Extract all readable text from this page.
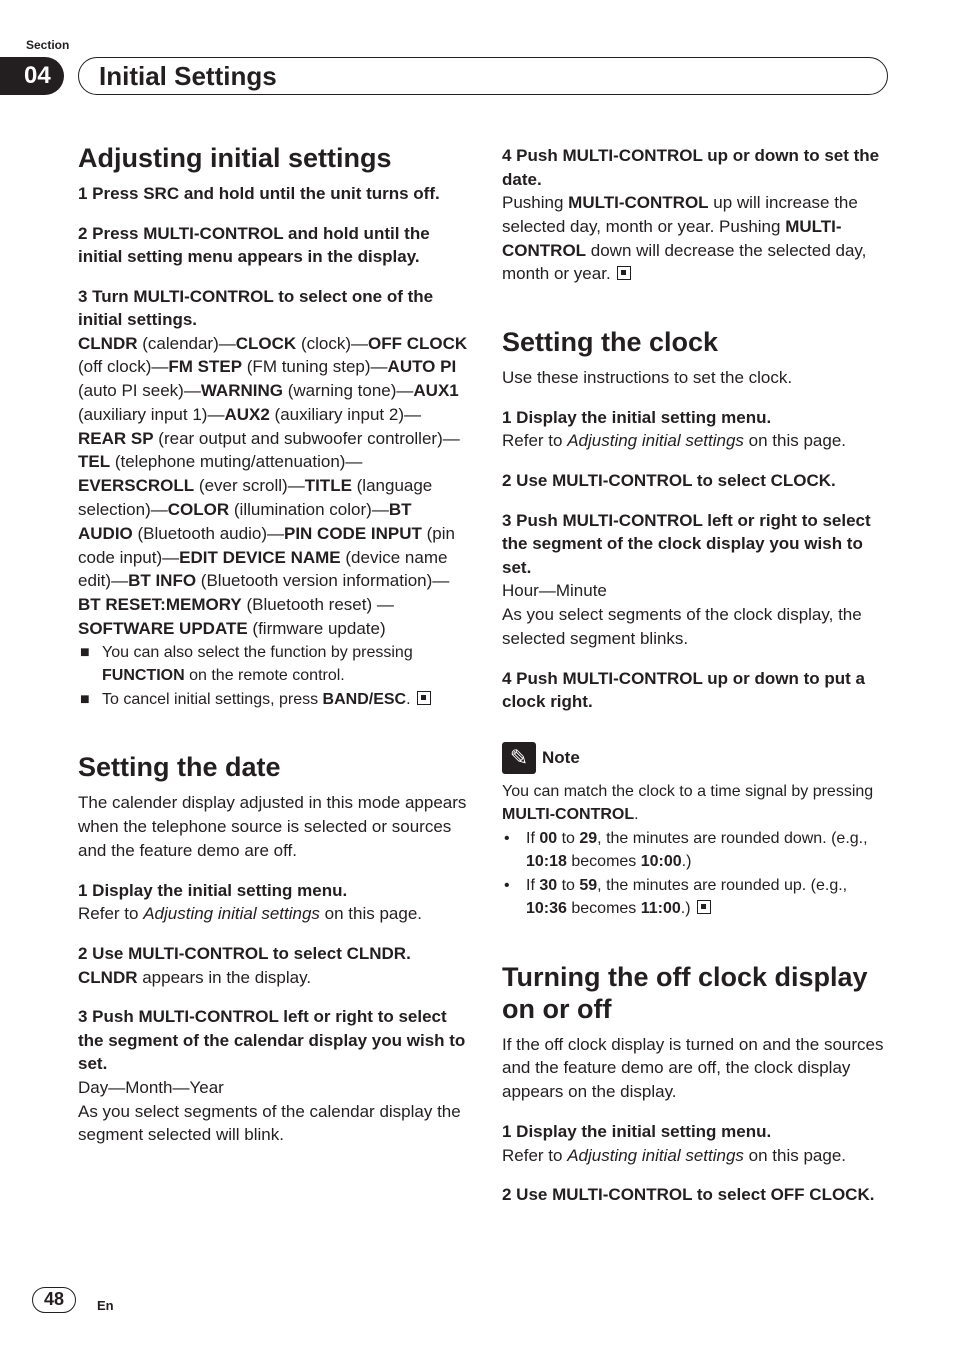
Section
04	Initial Settings
Adjusting initial settings

1 Press SRC and hold until the unit turns off.

2 Press MULTI-CONTROL and hold until the initial setting menu appears in the display.

3 Turn MULTI-CONTROL to select one of the initial settings.

CLNDR (calendar)—CLOCK (clock)—OFF CLOCK (off clock)—FM STEP (FM tuning step)—AUTO PI (auto PI seek)—WARNING (warning tone)—AUX1 (auxiliary input 1)—AUX2 (auxiliary input 2)—REAR SP (rear output and subwoofer controller)—TEL (telephone muting/attenuation)—EVERSCROLL (ever scroll)—TITLE (language selection)—COLOR (illumination color)—BT AUDIO (Bluetooth audio)—PIN CODE INPUT (pin code input)—EDIT DEVICE NAME (device name edit)—BT INFO (Bluetooth version information)—BT RESET:MEMORY (Bluetooth reset) —SOFTWARE UPDATE (firmware update)

■ You can also select the function by pressing FUNCTION on the remote control.

■ To cancel initial settings, press BAND/ESC.

Setting the date

The calender display adjusted in this mode appears when the telephone source is selected or sources and the feature demo are off.

1 Display the initial setting menu.

Refer to Adjusting initial settings on this page.

2 Use MULTI-CONTROL to select CLNDR.

CLNDR appears in the display.

3 Push MULTI-CONTROL left or right to select the segment of the calendar display you wish to set.

Day—Month—Year

As you select segments of the calendar display the segment selected will blink.

4 Push MULTI-CONTROL up or down to set the date.

Pushing MULTI-CONTROL up will increase the selected day, month or year. Pushing MULTI-CONTROL down will decrease the selected day, month or year.

Setting the clock

Use these instructions to set the clock.

1 Display the initial setting menu.

Refer to Adjusting initial settings on this page.

2 Use MULTI-CONTROL to select CLOCK.

3 Push MULTI-CONTROL left or right to select the segment of the clock display you wish to set.

Hour—Minute

As you select segments of the clock display, the selected segment blinks.

4 Push MULTI-CONTROL up or down to put a clock right.

✎ Note

You can match the clock to a time signal by pressing MULTI-CONTROL.

• If 00 to 29, the minutes are rounded down. (e.g., 10:18 becomes 10:00.)

• If 30 to 59, the minutes are rounded up. (e.g., 10:36 becomes 11:00.)

Turning the off clock display on or off

If the off clock display is turned on and the sources and the feature demo are off, the clock display appears on the display.

1 Display the initial setting menu.

Refer to Adjusting initial settings on this page.

2 Use MULTI-CONTROL to select OFF CLOCK.

48	En
